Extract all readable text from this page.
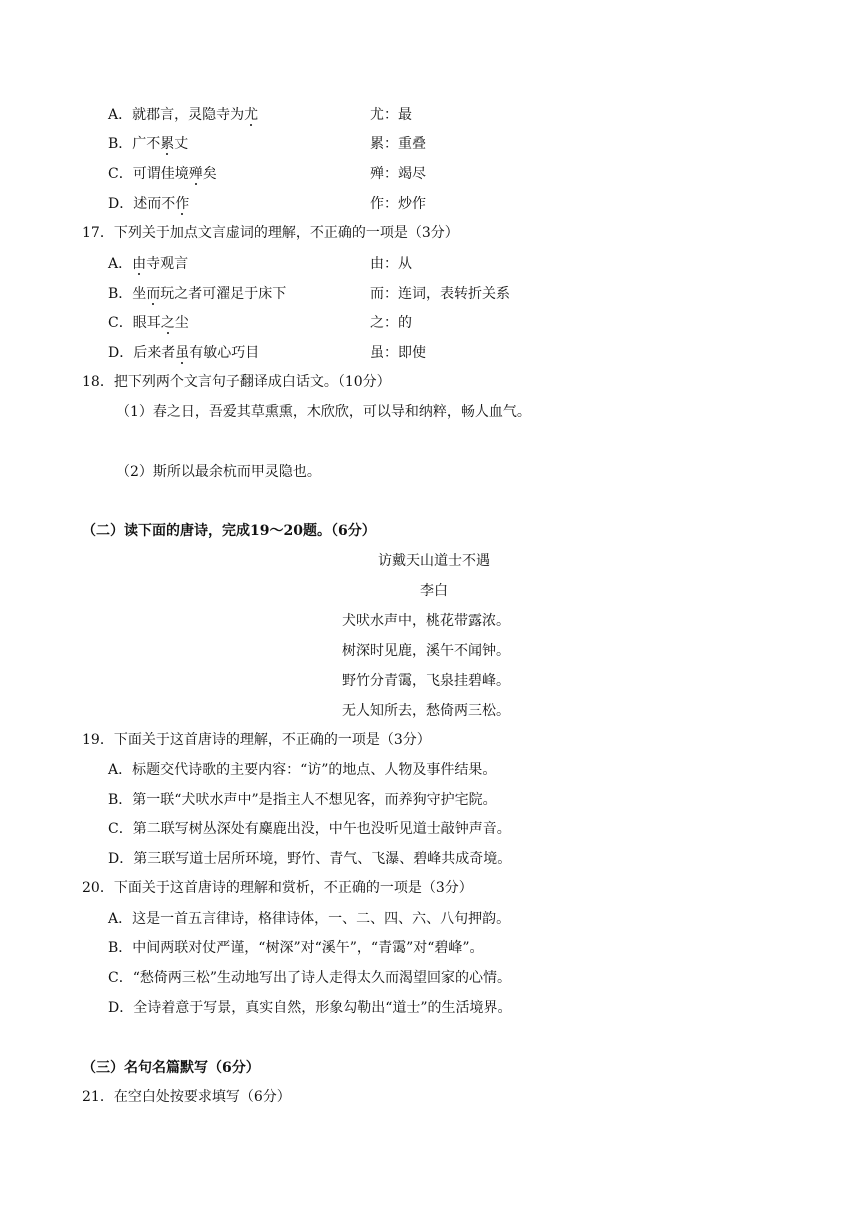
A．就郡言，灵隐寺为尤	尤：最
B．广不累丈	累：重叠
C．可谓佳境殚矣	殚：竭尽
D．述而不作	作：炒作
17．下列关于加点文言虚词的理解，不正确的一项是（3分）
A．由寺观言	由：从
B．坐而玩之者可濯足于床下	而：连词，表转折关系
C．眼耳之尘	之：的
D．后来者虽有敏心巧目	虽：即使
18．把下列两个文言句子翻译成白话文。（10分）
（1）春之日，吾爱其草熏熏，木欣欣，可以导和纳粹，畅人血气。
（2）斯所以最余杭而甲灵隐也。
（二）读下面的唐诗，完成19～20题。（6分）
访戴天山道士不遇
李白
犬吠水声中，桃花带露浓。
树深时见鹿，溪午不闻钟。
野竹分青霭，飞泉挂碧峰。
无人知所去，愁倚两三松。
19．下面关于这首唐诗的理解，不正确的一项是（3分）
A．标题交代诗歌的主要内容：“访”的地点、人物及事件结果。
B．第一联“犬吠水声中”是指主人不想见客，而养狗守护宅院。
C．第二联写树丛深处有麋鹿出没，中午也没听见道士敲钟声音。
D．第三联写道士居所环境，野竹、青气、飞瀑、碧峰共成奇境。
20．下面关于这首唐诗的理解和赏析，不正确的一项是（3分）
A．这是一首五言律诗，格律诗体，一、二、四、六、八句押韵。
B．中间两联对仗严谨，“树深”对“溪午”，“青霭”对“碧峰”。
C．“愁倚两三松”生动地写出了诗人走得太久而渴望回家的心情。
D．全诗着意于写景，真实自然，形象勾勒出“道士”的生活境界。
（三）名句名篇默写（6分）
21．在空白处按要求填写（6分）
